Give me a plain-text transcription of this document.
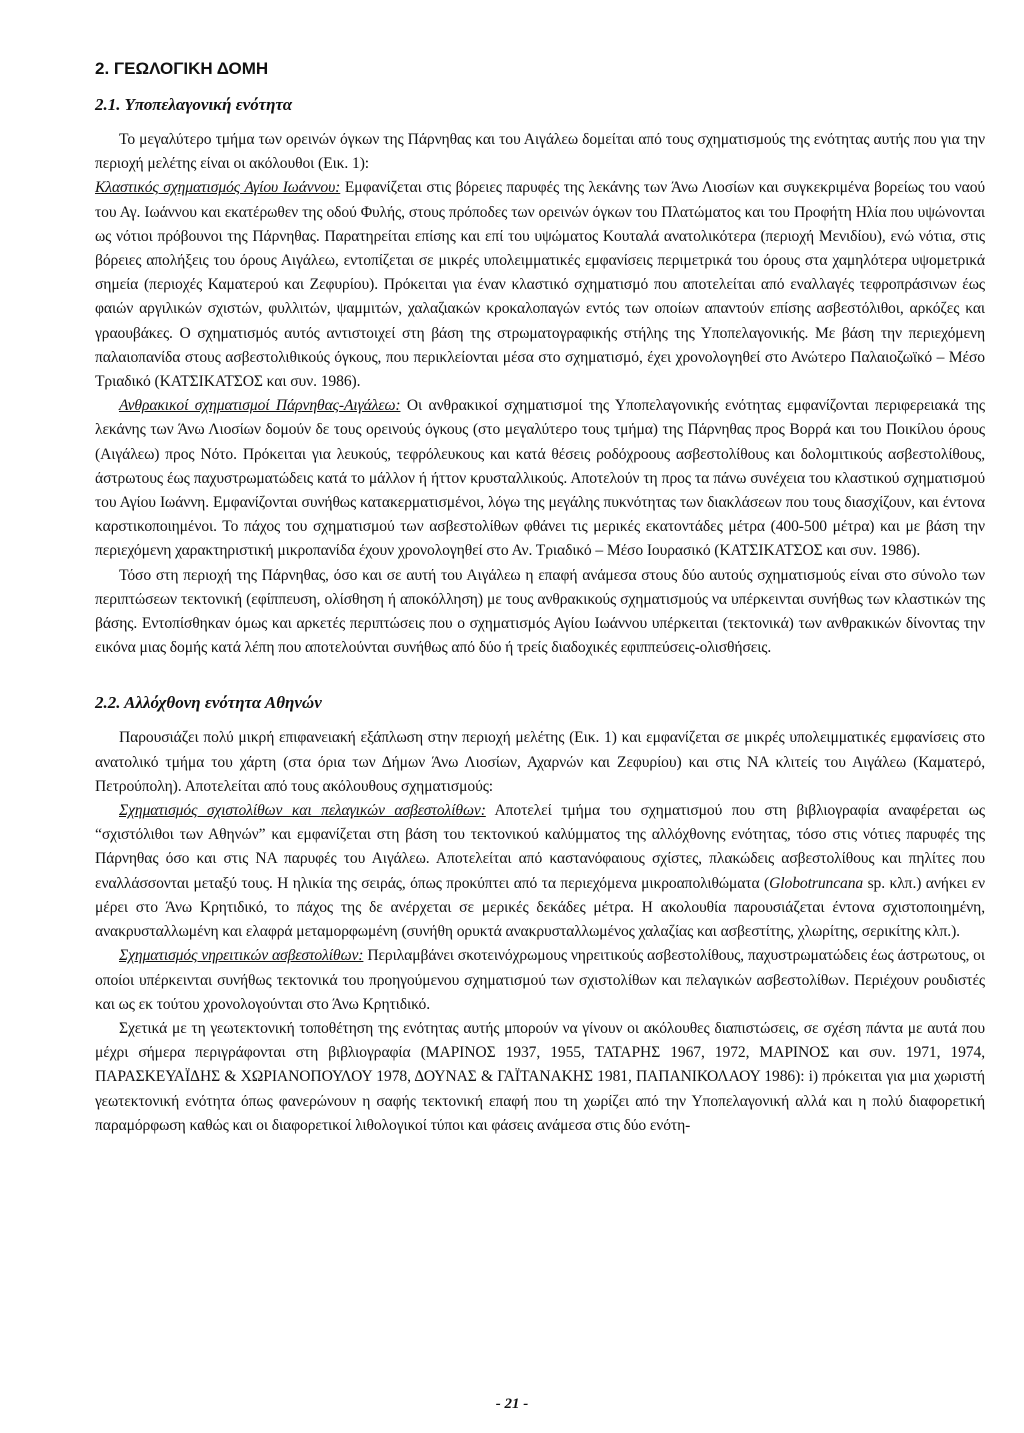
2. ΓΕΩΛΟΓΙΚΗ ΔΟΜΗ
2.1. Υποπελαγονική ενότητα

Το μεγαλύτερο τμήμα των ορεινών όγκων της Πάρνηθας και του Αιγάλεω δομείται από τους σχηματισμούς της ενότητας αυτής που για την περιοχή μελέτης είναι οι ακόλουθοι (Εικ. 1):

Κλαστικός σχηματισμός Αγίου Ιωάννου: Εμφανίζεται στις βόρειες παρυφές της λεκάνης των Άνω Λιοσίων και συγκεκριμένα βορείως του ναού του Αγ. Ιωάννου και εκατέρωθεν της οδού Φυλής, στους πρόποδες των ορεινών όγκων του Πλατώματος και του Προφήτη Ηλία που υψώνονται ως νότιοι πρόβουνοι της Πάρνηθας. Παρατηρείται επίσης και επί του υψώματος Κουταλά ανατολικότερα (περιοχή Μενιδίου), ενώ νότια, στις βόρειες απολήξεις του όρους Αιγάλεω, εντοπίζεται σε μικρές υπολειμματικές εμφανίσεις περιμετρικά του όρους στα χαμηλότερα υψομετρικά σημεία (περιοχές Καματερού και Ζεφυρίου). Πρόκειται για έναν κλαστικό σχηματισμό που αποτελείται από εναλλαγές τεφροπράσινων έως φαιών αργιλικών σχιστών, φυλλιτών, ψαμμιτών, χαλαζιακών κροκαλοπαγών εντός των οποίων απαντούν επίσης ασβεστόλιθοι, αρκόζες και γραουβάκες. Ο σχηματισμός αυτός αντιστοιχεί στη βάση της στρωματογραφικής στήλης της Υποπελαγονικής. Με βάση την περιεχόμενη παλαιοπανίδα στους ασβεστολιθικούς όγκους, που περικλείονται μέσα στο σχηματισμό, έχει χρονολογηθεί στο Ανώτερο Παλαιοζωϊκό – Μέσο Τριαδικό (ΚΑΤΣΙΚΑΤΣΟΣ και συν. 1986).

Ανθρακικοί σχηματισμοί Πάρνηθας-Αιγάλεω: Οι ανθρακικοί σχηματισμοί της Υποπελαγονικής ενότητας εμφανίζονται περιφερειακά της λεκάνης των Άνω Λιοσίων δομούν δε τους ορεινούς όγκους (στο μεγαλύτερο τους τμήμα) της Πάρνηθας προς Βορρά και του Ποικίλου όρους (Αιγάλεω) προς Νότο. Πρόκειται για λευκούς, τεφρόλευκους και κατά θέσεις ροδόχροους ασβεστολίθους και δολομιτικούς ασβεστολίθους, άστρωτους έως παχυστρωματώδεις κατά το μάλλον ή ήττον κρυσταλλικούς. Αποτελούν τη προς τα πάνω συνέχεια του κλαστικού σχηματισμού του Αγίου Ιωάννη. Εμφανίζονται συνήθως κατακερματισμένοι, λόγω της μεγάλης πυκνότητας των διακλάσεων που τους διασχίζουν, και έντονα καρστικοποιημένοι. Το πάχος του σχηματισμού των ασβεστολίθων φθάνει τις μερικές εκατοντάδες μέτρα (400-500 μέτρα) και με βάση την περιεχόμενη χαρακτηριστική μικροπανίδα έχουν χρονολογηθεί στο Αν. Τριαδικό – Μέσο Ιουρασικό (ΚΑΤΣΙΚΑΤΣΟΣ και συν. 1986).

Τόσο στη περιοχή της Πάρνηθας, όσο και σε αυτή του Αιγάλεω η επαφή ανάμεσα στους δύο αυτούς σχηματισμούς είναι στο σύνολο των περιπτώσεων τεκτονική (εφίππευση, ολίσθηση ή αποκόλληση) με τους ανθρακικούς σχηματισμούς να υπέρκεινται συνήθως των κλαστικών της βάσης. Εντοπίσθηκαν όμως και αρκετές περιπτώσεις που ο σχηματισμός Αγίου Ιωάννου υπέρκειται (τεκτονικά) των ανθρακικών δίνοντας την εικόνα μιας δομής κατά λέπη που αποτελούνται συνήθως από δύο ή τρείς διαδοχικές εφιππεύσεις-ολισθήσεις.

2.2. Αλλόχθονη ενότητα Αθηνών

Παρουσιάζει πολύ μικρή επιφανειακή εξάπλωση στην περιοχή μελέτης (Εικ. 1) και εμφανίζεται σε μικρές υπολειμματικές εμφανίσεις στο ανατολικό τμήμα του χάρτη (στα όρια των Δήμων Άνω Λιοσίων, Αχαρνών και Ζεφυρίου) και στις ΝΑ κλιτείς του Αιγάλεω (Καματερό, Πετρούπολη). Αποτελείται από τους ακόλουθους σχηματισμούς:

Σχηματισμός σχιστολίθων και πελαγικών ασβεστολίθων: Αποτελεί τμήμα του σχηματισμού που στη βιβλιογραφία αναφέρεται ως “σχιστόλιθοι των Αθηνών” και εμφανίζεται στη βάση του τεκτονικού καλύμματος της αλλόχθονης ενότητας, τόσο στις νότιες παρυφές της Πάρνηθας όσο και στις ΝΑ παρυφές του Αιγάλεω. Αποτελείται από καστανόφαιους σχίστες, πλακώδεις ασβεστολίθους και πηλίτες που εναλλάσσονται μεταξύ τους. Η ηλικία της σειράς, όπως προκύπτει από τα περιεχόμενα μικροαπολιθώματα (Globotruncana sp. κλπ.) ανήκει εν μέρει στο Άνω Κρητιδικό, το πάχος της δε ανέρχεται σε μερικές δεκάδες μέτρα. Η ακολουθία παρουσιάζεται έντονα σχιστοποιημένη, ανακρυσταλλωμένη και ελαφρά μεταμορφωμένη (συνήθη ορυκτά ανακρυσταλλωμένος χαλαζίας και ασβεστίτης, χλωρίτης, σερικίτης κλπ.).

Σχηματισμός νηρειτικών ασβεστολίθων: Περιλαμβάνει σκοτεινόχρωμους νηρειτικούς ασβεστολίθους, παχυστρωματώδεις έως άστρωτους, οι οποίοι υπέρκεινται συνήθως τεκτονικά του προηγούμενου σχηματισμού των σχιστολίθων και πελαγικών ασβεστολίθων. Περιέχουν ρουδιστές και ως εκ τούτου χρονολογούνται στο Άνω Κρητιδικό.

Σχετικά με τη γεωτεκτονική τοποθέτηση της ενότητας αυτής μπορούν να γίνουν οι ακόλουθες διαπιστώσεις, σε σχέση πάντα με αυτά που μέχρι σήμερα περιγράφονται στη βιβλιογραφία (ΜΑΡΙΝΟΣ 1937, 1955, ΤΑΤΑΡΗΣ 1967, 1972, ΜΑΡΙΝΟΣ και συν. 1971, 1974, ΠΑΡΑΣΚΕΥΑΪΔΗΣ & ΧΩΡΙΑΝΟΠΟΥΛΟΥ 1978, ΔΟΥΝΑΣ & ΓΑΪΤΑΝΑΚΗΣ 1981, ΠΑΠΑΝΙΚΟΛΑΟΥ 1986): i) πρόκειται για μια χωριστή γεωτεκτονική ενότητα όπως φανερώνουν η σαφής τεκτονική επαφή που τη χωρίζει από την Υποπελαγονική αλλά και η πολύ διαφορετική παραμόρφωση καθώς και οι διαφορετικοί λιθολογικοί τύποι και φάσεις ανάμεσα στις δύο ενότη-

- 21 -
